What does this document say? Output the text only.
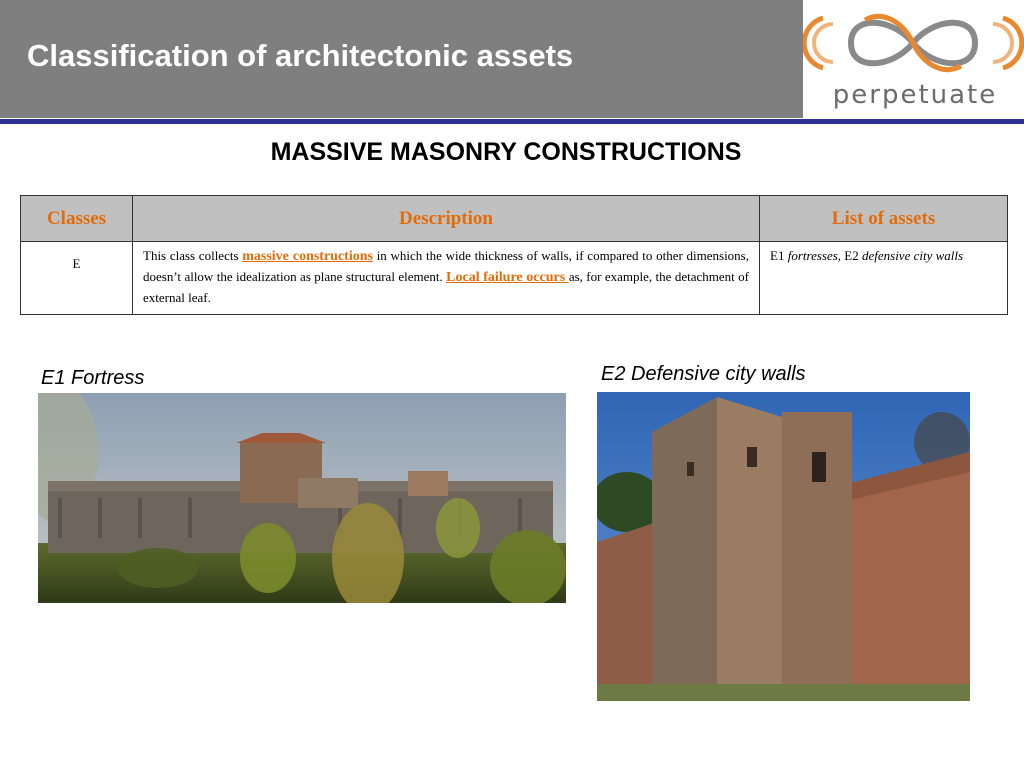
Classification of architectonic assets
perpetuate
MASSIVE MASONRY CONSTRUCTIONS
Classes	Description	List of assets
E	This class collects massive constructions in which the wide thickness of walls, if compared to other dimensions, doesn’t allow the idealization as plane structural element. Local failure occurs as, for example, the detachment of external leaf.	E1 fortresses, E2 defensive city walls
E1 Fortress	E2 Defensive city walls
